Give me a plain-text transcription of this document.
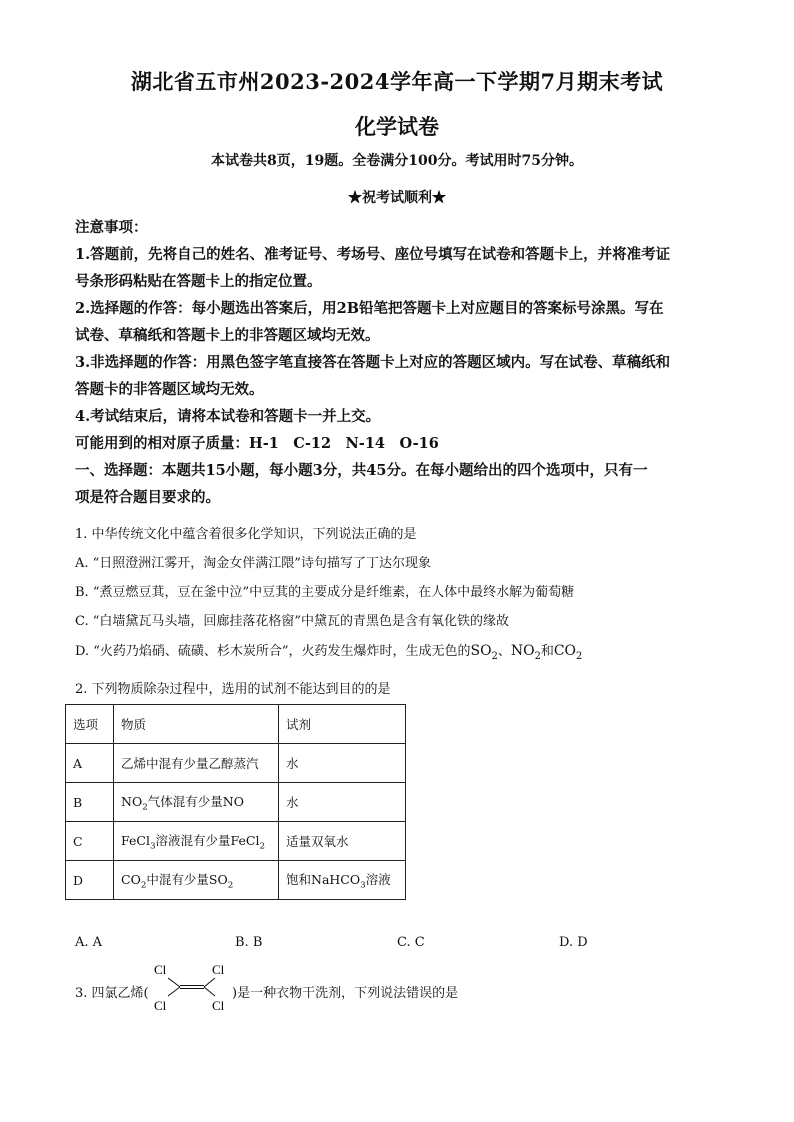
湖北省五市州2023-2024学年高一下学期7月期末考试
化学试卷
本试卷共8页，19题。全卷满分100分。考试用时75分钟。
★祝考试顺利★
注意事项：
1.答题前，先将自己的姓名、准考证号、考场号、座位号填写在试卷和答题卡上，并将准考证
号条形码粘贴在答题卡上的指定位置。
2.选择题的作答：每小题选出答案后，用2B铅笔把答题卡上对应题目的答案标号涂黑。写在
试卷、草稿纸和答题卡上的非答题区域均无效。
3.非选择题的作答：用黑色签字笔直接答在答题卡上对应的答题区域内。写在试卷、草稿纸和
答题卡的非答题区域均无效。
4.考试结束后，请将本试卷和答题卡一并上交。
可能用到的相对原子质量：H-1　C-12　N-14　O-16
一、选择题：本题共15小题，每小题3分，共45分。在每小题给出的四个选项中，只有一
项是符合题目要求的。
1. 中华传统文化中蕴含着很多化学知识，下列说法正确的是
A. “日照澄洲江雾开，淘金女伴满江隈”诗句描写了丁达尔现象
B. “煮豆燃豆萁，豆在釜中泣”中豆萁的主要成分是纤维素，在人体中最终水解为葡萄糖
C. “白墙黛瓦马头墙，回廊挂落花格窗”中黛瓦的青黑色是含有氧化铁的缘故
D. “火药乃焰硝、硫磺、杉木炭所合”，火药发生爆炸时，生成无色的$SO_2$、$NO_2$和$CO_2$
2. 下列物质除杂过程中，选用的试剂不能达到目的的是
选项	物质	试剂
A	乙烯中混有少量乙醇蒸汽	水
B	$NO_2$气体混有少量NO	水
C	FeCl$_3$溶液混有少量FeCl$_2$	适量双氧水
D	$CO_2$中混有少量$SO_2$	饱和NaHCO$_3$溶液
A. A	B. B	C. C	D. D
3. 四氯乙烯(
Cl	Cl
Cl	Cl
)是一种衣物干洗剂，下列说法错误的是
